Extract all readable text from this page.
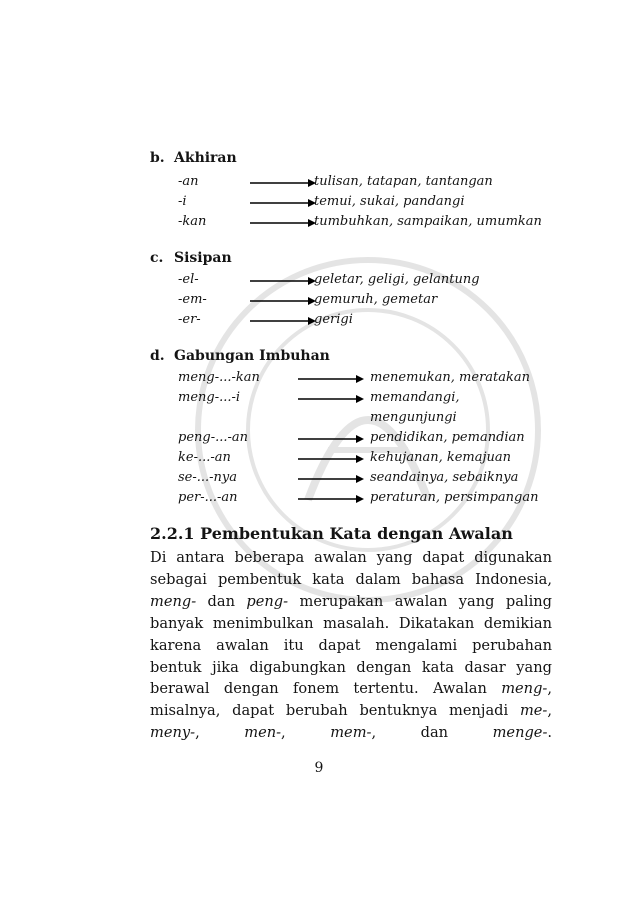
b. Akhiran
-an	tulisan, tatapan, tantangan
-i	temui, sukai, pandangi
-kan	tumbuhkan, sampaikan, umumkan
c. Sisipan
-el-	geletar, geligi, gelantung
-em-	gemuruh, gemetar
-er-	gerigi
d. Gabungan Imbuhan
meng-...-kan	menemukan, meratakan
meng-...-i	memandangi,
mengunjungi
peng-...-an	pendidikan, pemandian
ke-...-an	kehujanan, kemajuan
se-...-nya	seandainya, sebaiknya
per-...-an	peraturan, persimpangan
2.2.1 Pembentukan Kata dengan Awalan
Di antara beberapa awalan yang dapat digunakan sebagai pembentuk kata dalam bahasa Indonesia, meng- dan peng- merupakan awalan yang paling banyak menimbulkan masalah. Dikatakan demikian karena awalan itu dapat mengalami perubahan bentuk jika digabungkan dengan kata dasar yang berawal dengan fonem tertentu. Awalan meng-, misalnya, dapat berubah bentuknya menjadi me-, meny-, men-, mem-, dan menge-.
9
